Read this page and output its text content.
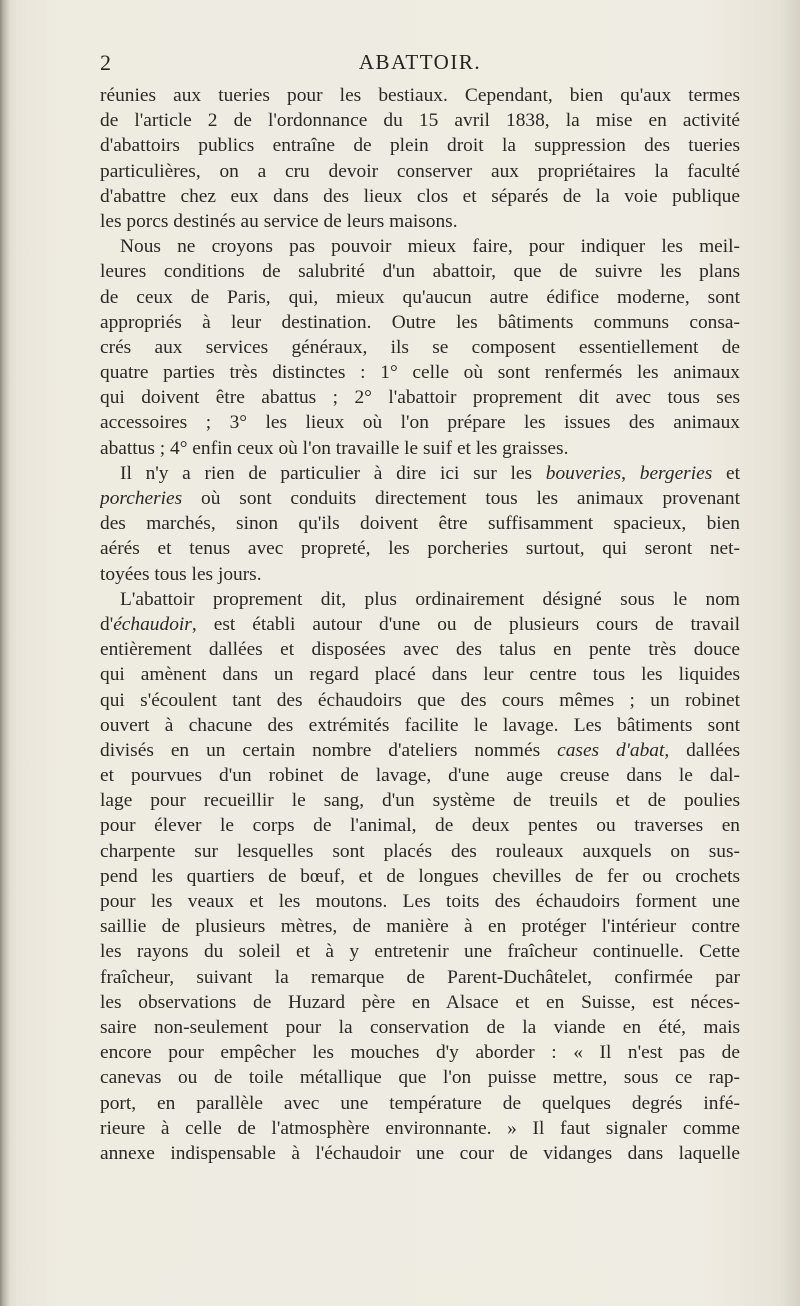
2	ABATTOIR.
réunies aux tueries pour les bestiaux. Cependant, bien qu'aux termes
de l'article 2 de l'ordonnance du 15 avril 1838, la mise en activité
d'abattoirs publics entraîne de plein droit la suppression des tueries
particulières, on a cru devoir conserver aux propriétaires la faculté
d'abattre chez eux dans des lieux clos et séparés de la voie publique
les porcs destinés au service de leurs maisons.
Nous ne croyons pas pouvoir mieux faire, pour indiquer les meil-
leures conditions de salubrité d'un abattoir, que de suivre les plans
de ceux de Paris, qui, mieux qu'aucun autre édifice moderne, sont
appropriés à leur destination. Outre les bâtiments communs consa-
crés aux services généraux, ils se composent essentiellement de
quatre parties très distinctes : 1° celle où sont renfermés les animaux
qui doivent être abattus ; 2° l'abattoir proprement dit avec tous ses
accessoires ; 3° les lieux où l'on prépare les issues des animaux
abattus ; 4° enfin ceux où l'on travaille le suif et les graisses.
Il n'y a rien de particulier à dire ici sur les bouveries, bergeries et
porcheries où sont conduits directement tous les animaux provenant
des marchés, sinon qu'ils doivent être suffisamment spacieux, bien
aérés et tenus avec propreté, les porcheries surtout, qui seront net-
toyées tous les jours.
L'abattoir proprement dit, plus ordinairement désigné sous le nom
d'échaudoir, est établi autour d'une ou de plusieurs cours de travail
entièrement dallées et disposées avec des talus en pente très douce
qui amènent dans un regard placé dans leur centre tous les liquides
qui s'écoulent tant des échaudoirs que des cours mêmes ; un robinet
ouvert à chacune des extrémités facilite le lavage. Les bâtiments sont
divisés en un certain nombre d'ateliers nommés cases d'abat, dallées
et pourvues d'un robinet de lavage, d'une auge creuse dans le dal-
lage pour recueillir le sang, d'un système de treuils et de poulies
pour élever le corps de l'animal, de deux pentes ou traverses en
charpente sur lesquelles sont placés des rouleaux auxquels on sus-
pend les quartiers de bœuf, et de longues chevilles de fer ou crochets
pour les veaux et les moutons. Les toits des échaudoirs forment une
saillie de plusieurs mètres, de manière à en protéger l'intérieur contre
les rayons du soleil et à y entretenir une fraîcheur continuelle. Cette
fraîcheur, suivant la remarque de Parent-Duchâtelet, confirmée par
les observations de Huzard père en Alsace et en Suisse, est néces-
saire non-seulement pour la conservation de la viande en été, mais
encore pour empêcher les mouches d'y aborder : « Il n'est pas de
canevas ou de toile métallique que l'on puisse mettre, sous ce rap-
port, en parallèle avec une température de quelques degrés infé-
rieure à celle de l'atmosphère environnante. » Il faut signaler comme
annexe indispensable à l'échaudoir une cour de vidanges dans laquelle
